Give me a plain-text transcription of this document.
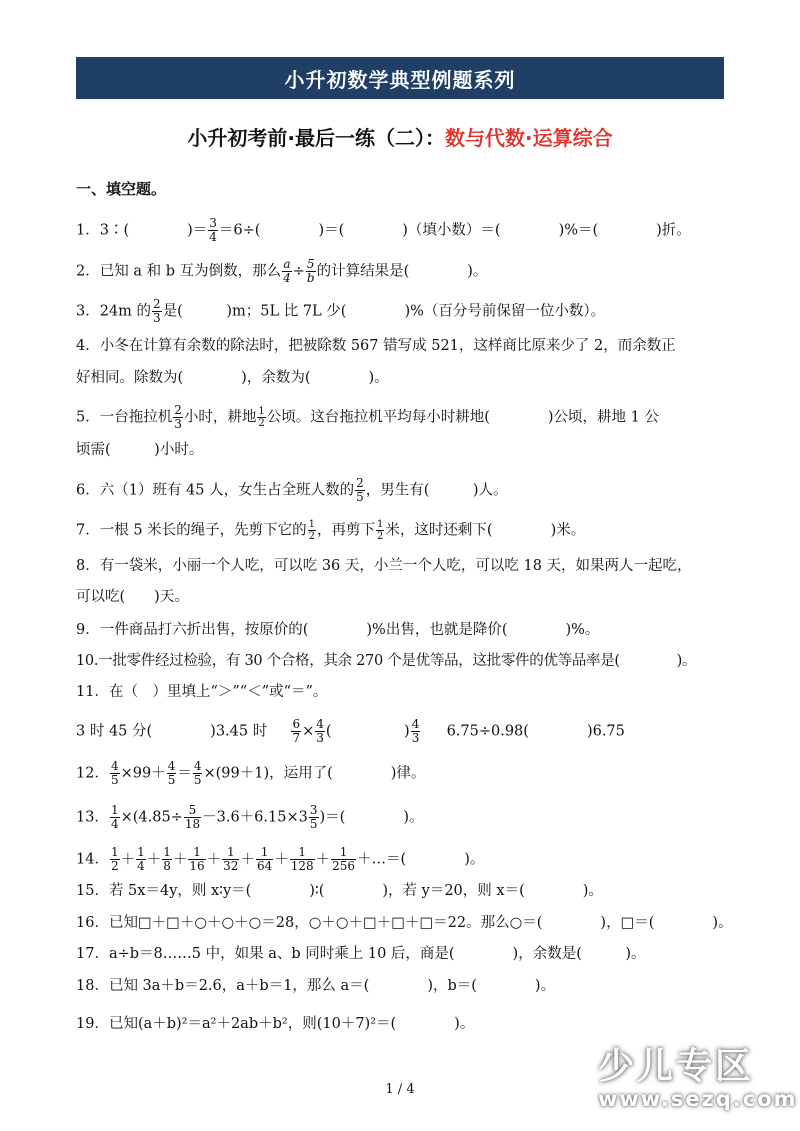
小升初数学典型例题系列
小升初考前·最后一练（二）：数与代数·运算综合
一、填空题。
1．3∶(　　　　)＝ $\frac{3}{4} =6\div$(　　　　)＝(　　　　)（填小数）＝(　　　　)%＝(　　　　)折。
2．已知 a 和 b 互为倒数，那么 $\frac{a}{4} \div \frac{5}{b}$ 的计算结果是(　　　　)。
3．24m 的 $\frac{2}{3}$ 是(　　　)m；5L 比 7L 少(　　　　)%（百分号前保留一位小数）。
4．小冬在计算有余数的除法时，把被除数 567 错写成 521，这样商比原来少了 2，而余数正
好相同。除数为(　　　　)，余数为(　　　　)。
5．一台拖拉机 $\frac{2}{3}$ 小时，耕地 $\frac{1}{2}$ 公顷。这台拖拉机平均每小时耕地(　　　　)公顷，耕地 1 公
顷需(　　　)小时。
6．六（1）班有 45 人，女生占全班人数的 $\frac{2}{5}$ ，男生有(　　　)人。
7．一根 5 米长的绳子，先剪下它的 $\frac{1}{2}$ ，再剪下 $\frac{1}{2}$ 米，这时还剩下(　　　　)米。
8．有一袋米，小丽一个人吃，可以吃 36 天，小兰一个人吃，可以吃 18 天，如果两人一起吃，
可以吃(　　)天。
9．一件商品打六折出售，按原价的(　　　　)%出售，也就是降价(　　　　)%。
10.一批零件经过检验，有 30 个合格，其余 270 个是优等品，这批零件的优等品率是(　　　　)。
11．在（　）里填上“＞”“＜”或“＝”。
3 时 45 分(　　　　)3.45 时 $\frac{6}{7} \times \frac{4}{3}$ (　　　　　) $\frac{4}{3} 6.75\div 0.98$(　　　　)6.75
12． $\frac{4}{5} \times 99+ \frac{4}{5} = \frac{4}{5} \times(99+1)$，运用了(　　　　)律。
13． $\frac{1}{4} \times(4.85\div \frac{5}{18} -3.6+6.15\times 3 \frac{3}{5}$ )＝(　　　　)。
14． $\frac{1}{2} + \frac{1}{4} + \frac{1}{8} + \frac{1}{16} + \frac{1}{32} + \frac{1}{64} + \frac{1}{128} + \frac{1}{256}$ ＋…＝(　　　　)。
15．若 5x＝4y，则 x∶y＝(　　　　)∶(　　　　)，若 y＝20，则 x＝(　　　　)。
16．已知□＋□＋○＋○＋○＝28，○＋○＋□＋□＋□＝22。那么○＝(　　　　)，□＝(　　　　)。
17．a÷b＝8……5 中，如果 a、b 同时乘上 10 后，商是(　　　　)，余数是(　　　)。
18．已知 3a＋b＝2.6，a＋b＝1，那么 a＝(　　　　)，b＝(　　　　)。
19．已知(a＋b)²＝a²＋2ab＋b²，则(10＋7)²＝(　　　　)。
1 / 4
少儿专区
www.sezq.com
